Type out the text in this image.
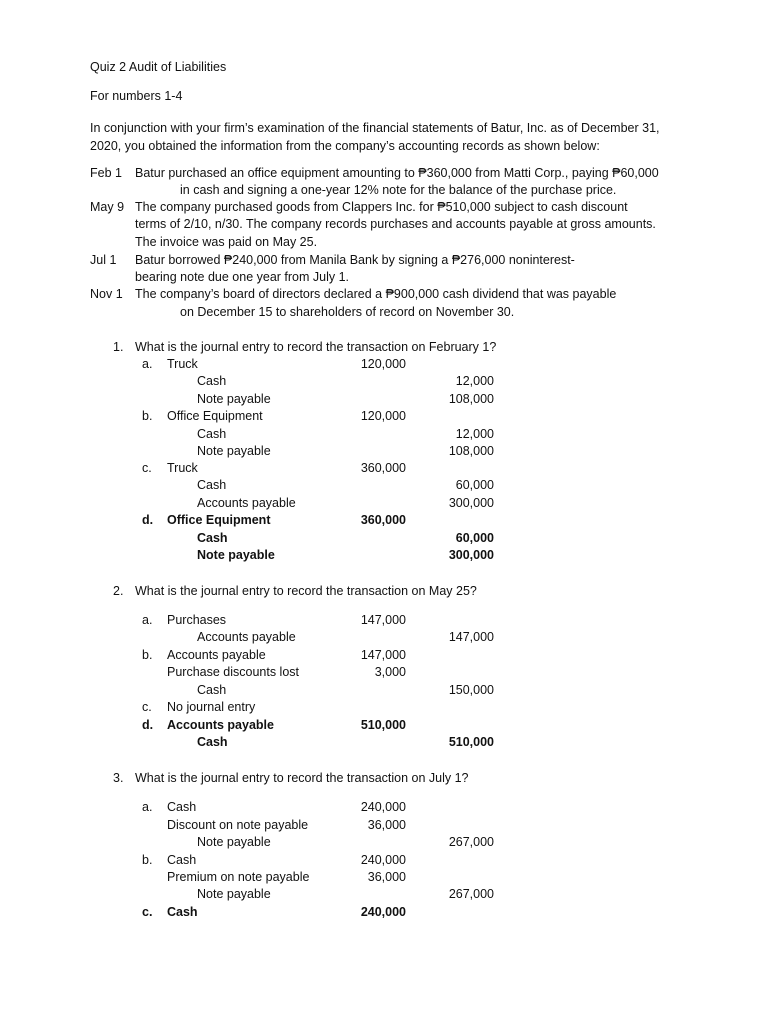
Quiz 2 Audit of Liabilities
For numbers 1-4
In conjunction with your firm’s examination of the financial statements of Batur, Inc. as of December 31, 2020, you obtained the information from the company’s accounting records as shown below:
Feb 1 Batur purchased an office equipment amounting to ₱360,000 from Matti Corp., paying ₱60,000
in cash and signing a one-year 12% note for the balance of the purchase price.
May 9 The company purchased goods from Clappers Inc. for ₱510,000 subject to cash discount
terms of 2/10, n/30. The company records purchases and accounts payable at gross amounts.
The invoice was paid on May 25.
Jul 1 Batur borrowed ₱240,000 from Manila Bank by signing a ₱276,000 noninterest-
bearing note due one year from July 1.
Nov 1 The company’s board of directors declared a ₱900,000 cash dividend that was payable
on December 15 to shareholders of record on November 30.
1. What is the journal entry to record the transaction on February 1?
a. Truck	120,000
Cash	12,000
Note payable	108,000
b. Office Equipment	120,000
Cash	12,000
Note payable	108,000
c. Truck	360,000
Cash	60,000
Accounts payable	300,000
d. Office Equipment	360,000
Cash	60,000
Note payable	300,000
2. What is the journal entry to record the transaction on May 25?
a. Purchases	147,000
Accounts payable	147,000
b. Accounts payable	147,000
Purchase discounts lost	3,000
Cash	150,000
c. No journal entry
d. Accounts payable	510,000
Cash	510,000
3. What is the journal entry to record the transaction on July 1?
a. Cash	240,000
Discount on note payable	36,000
Note payable	267,000
b. Cash	240,000
Premium on note payable	36,000
Note payable	267,000
c. Cash	240,000
